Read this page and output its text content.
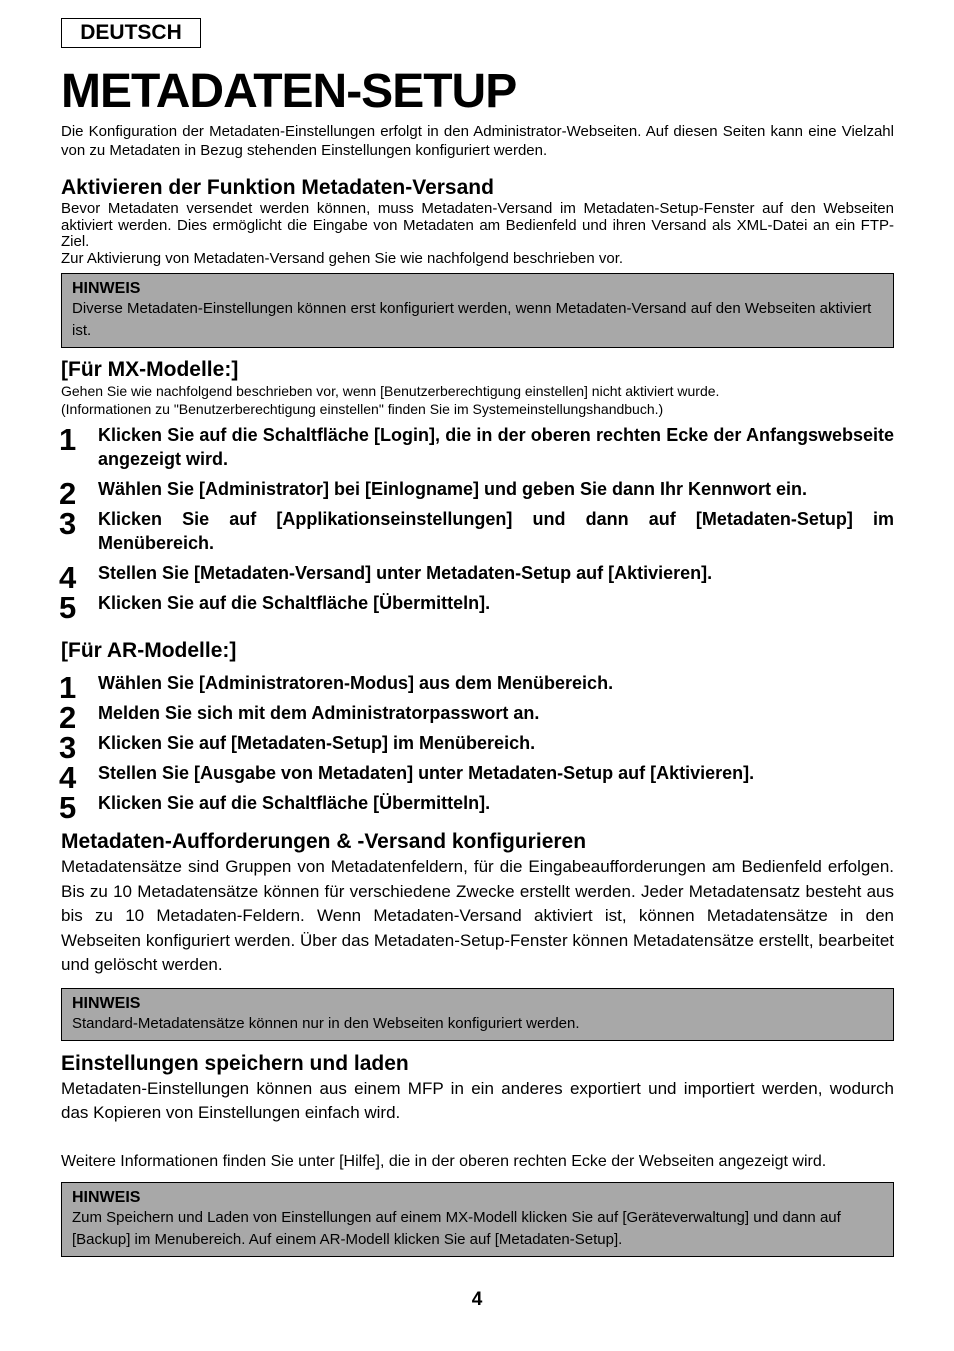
DEUTSCH
METADATEN-SETUP

Die Konfiguration der Metadaten-Einstellungen erfolgt in den Administrator-Webseiten. Auf diesen Seiten kann eine Vielzahl von zu Metadaten in Bezug stehenden Einstellungen konfiguriert werden.

Aktivieren der Funktion Metadaten-Versand

Bevor Metadaten versendet werden können, muss Metadaten-Versand im Metadaten-Setup-Fenster auf den Webseiten aktiviert werden. Dies ermöglicht die Eingabe von Metadaten am Bedienfeld und ihren Versand als XML-Datei an ein FTP-Ziel.

Zur Aktivierung von Metadaten-Versand gehen Sie wie nachfolgend beschrieben vor.

HINWEIS
Diverse Metadaten-Einstellungen können erst konfiguriert werden, wenn Metadaten-Versand auf den Webseiten aktiviert ist.
[Für MX-Modelle:]

Gehen Sie wie nachfolgend beschrieben vor, wenn [Benutzerberechtigung einstellen] nicht aktiviert wurde.

(Informationen zu "Benutzerberechtigung einstellen" finden Sie im Systemeinstellungshandbuch.)

1 Klicken Sie auf die Schaltfläche [Login], die in der oberen rechten Ecke der Anfangswebseite angezeigt wird.
2 Wählen Sie [Administrator] bei [Einlogname] und geben Sie dann Ihr Kennwort ein.
3 Klicken Sie auf [Applikationseinstellungen] und dann auf [Metadaten-Setup] im Menübereich.
4 Stellen Sie [Metadaten-Versand] unter Metadaten-Setup auf [Aktivieren].
5 Klicken Sie auf die Schaltfläche [Übermitteln].
[Für AR-Modelle:]
1 Wählen Sie [Administratoren-Modus] aus dem Menübereich.
2 Melden Sie sich mit dem Administratorpasswort an.
3 Klicken Sie auf [Metadaten-Setup] im Menübereich.
4 Stellen Sie [Ausgabe von Metadaten] unter Metadaten-Setup auf [Aktivieren].
5 Klicken Sie auf die Schaltfläche [Übermitteln].
Metadaten-Aufforderungen & -Versand konfigurieren

Metadatensätze sind Gruppen von Metadatenfeldern, für die Eingabeaufforderungen am Bedienfeld erfolgen. Bis zu 10 Metadatensätze können für verschiedene Zwecke erstellt werden. Jeder Metadatensatz besteht aus bis zu 10 Metadaten-Feldern. Wenn Metadaten-Versand aktiviert ist, können Metadatensätze in den Webseiten konfiguriert werden. Über das Metadaten-Setup-Fenster können Metadatensätze erstellt, bearbeitet und gelöscht werden.

HINWEIS
Standard-Metadatensätze können nur in den Webseiten konfiguriert werden.
Einstellungen speichern und laden

Metadaten-Einstellungen können aus einem MFP in ein anderes exportiert und importiert werden, wodurch das Kopieren von Einstellungen einfach wird.

Weitere Informationen finden Sie unter [Hilfe], die in der oberen rechten Ecke der Webseiten angezeigt wird.

HINWEIS
Zum Speichern und Laden von Einstellungen auf einem MX-Modell klicken Sie auf [Geräteverwaltung] und dann auf [Backup] im Menubereich. Auf einem AR-Modell klicken Sie auf [Metadaten-Setup].
4
